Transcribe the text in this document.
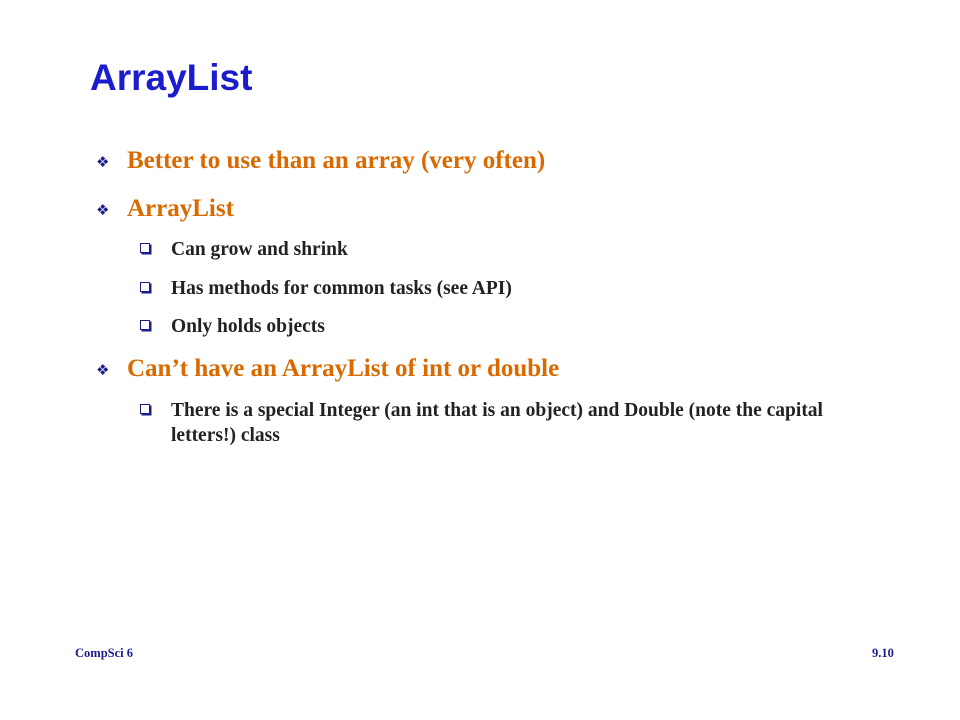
ArrayList
❖ Better to use than an array (very often)
❖ ArrayList
Can grow and shrink
Has methods for common tasks (see API)
Only holds objects
❖ Can’t have an ArrayList of int or double
There is a special Integer (an int that is an object) and Double (note the capital letters!) class
CompSci 6	9.10
